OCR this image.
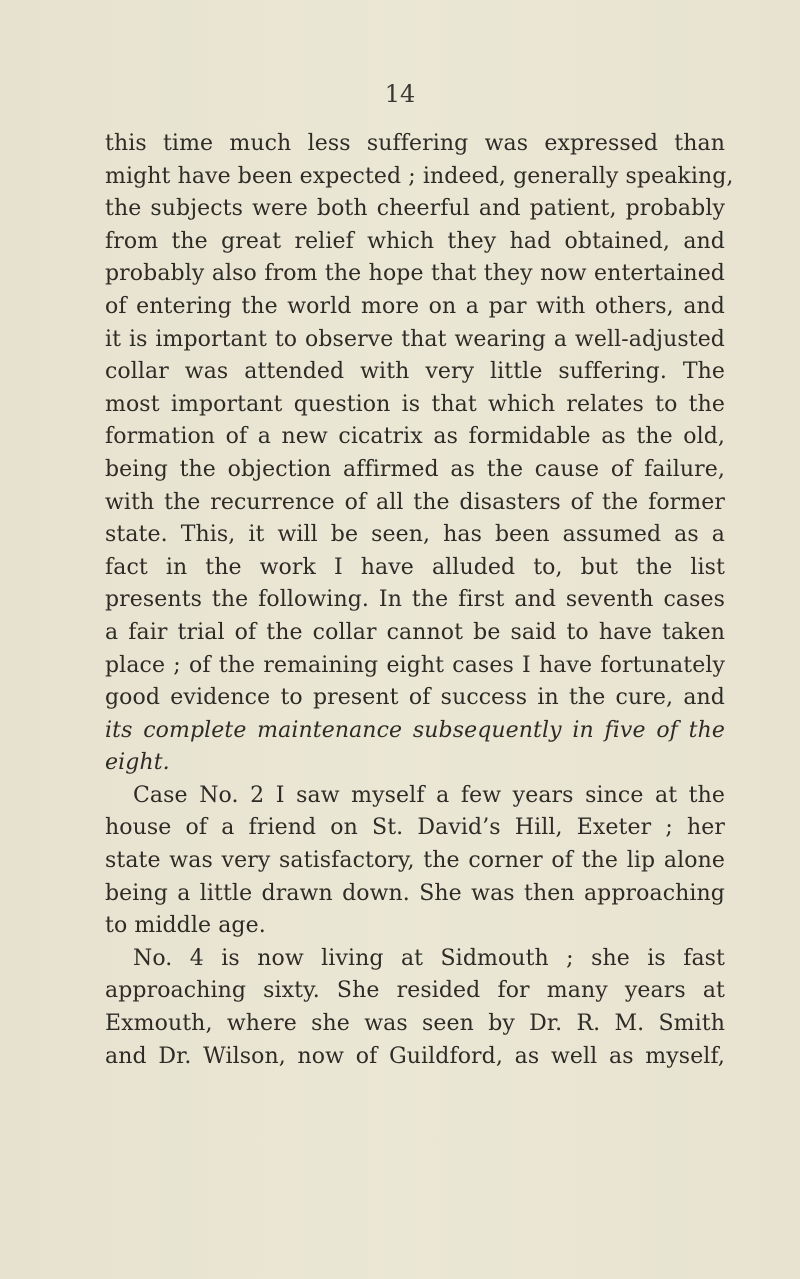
14

this time much less suffering was expressed than
might have been expected ; indeed, generally speaking,
the subjects were both cheerful and patient, probably
from the great relief which they had obtained, and
probably also from the hope that they now entertained
of entering the world more on a par with others, and
it is important to observe that wearing a well-adjusted
collar was attended with very little suffering. The
most important question is that which relates to the
formation of a new cicatrix as formidable as the old,
being the objection affirmed as the cause of failure,
with the recurrence of all the disasters of the former
state. This, it will be seen, has been assumed as a
fact in the work I have alluded to, but the list
presents the following. In the first and seventh cases
a fair trial of the collar cannot be said to have taken
place ; of the remaining eight cases I have fortunately
good evidence to present of success in the cure, and
its complete maintenance subsequently in five of the
eight.

Case No. 2 I saw myself a few years since at the
house of a friend on St. David’s Hill, Exeter ; her
state was very satisfactory, the corner of the lip alone
being a little drawn down. She was then approaching
to middle age.

No. 4 is now living at Sidmouth ; she is fast
approaching sixty. She resided for many years at
Exmouth, where she was seen by Dr. R. M. Smith
and Dr. Wilson, now of Guildford, as well as myself,
